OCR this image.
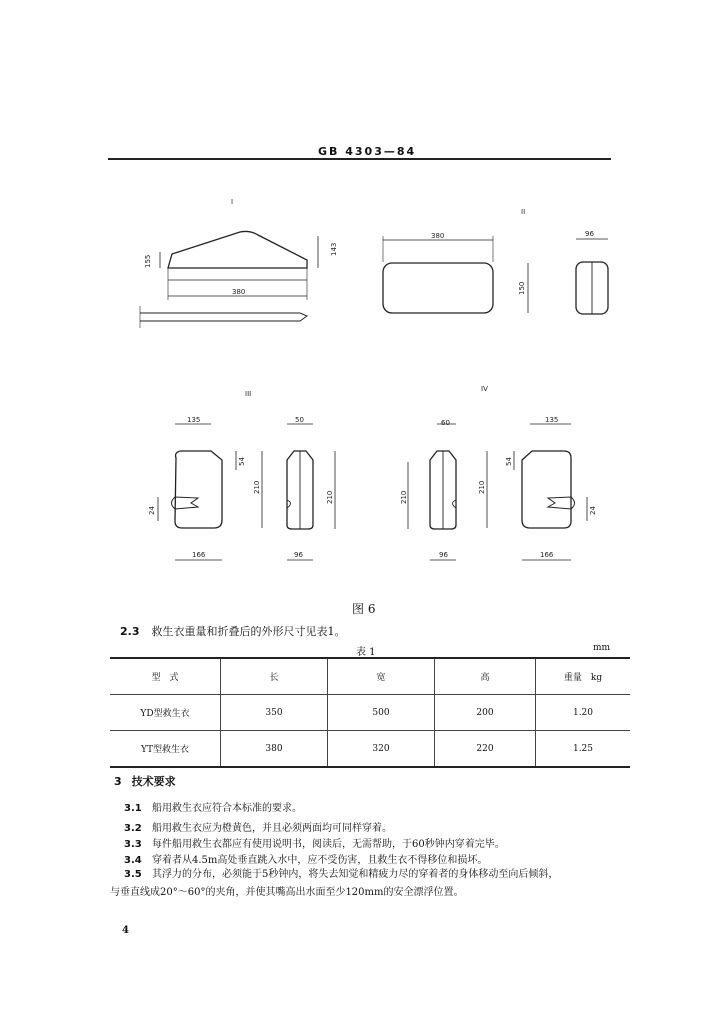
GB 4303—84
I
II
III
IV
155
143
380
380
150
96
135
54
210
24
166
50
210
96
60
210
96
135
54
210
24
166
图 6
2.3 救生衣重量和折叠后的外形尺寸见表1。
表 1	mm
型　式	长	宽	高	重量　kg
YD型救生衣	350	500	200	1.20
YT型救生衣	380	320	220	1.25
3 技术要求
3.1 船用救生衣应符合本标准的要求。
3.2 船用救生衣应为橙黄色，并且必须两面均可同样穿着。
3.3 每件船用救生衣都应有使用说明书，阅读后，无需帮助，于60秒钟内穿着完毕。
3.4 穿着者从4.5m高处垂直跳入水中，应不受伤害，且救生衣不得移位和损坏。
3.5 其浮力的分布，必须能于5秒钟内，将失去知觉和精疲力尽的穿着者的身体移动至向后倾斜，
与垂直线成20°～60°的夹角，并使其嘴高出水面至少120mm的安全漂浮位置。
4
